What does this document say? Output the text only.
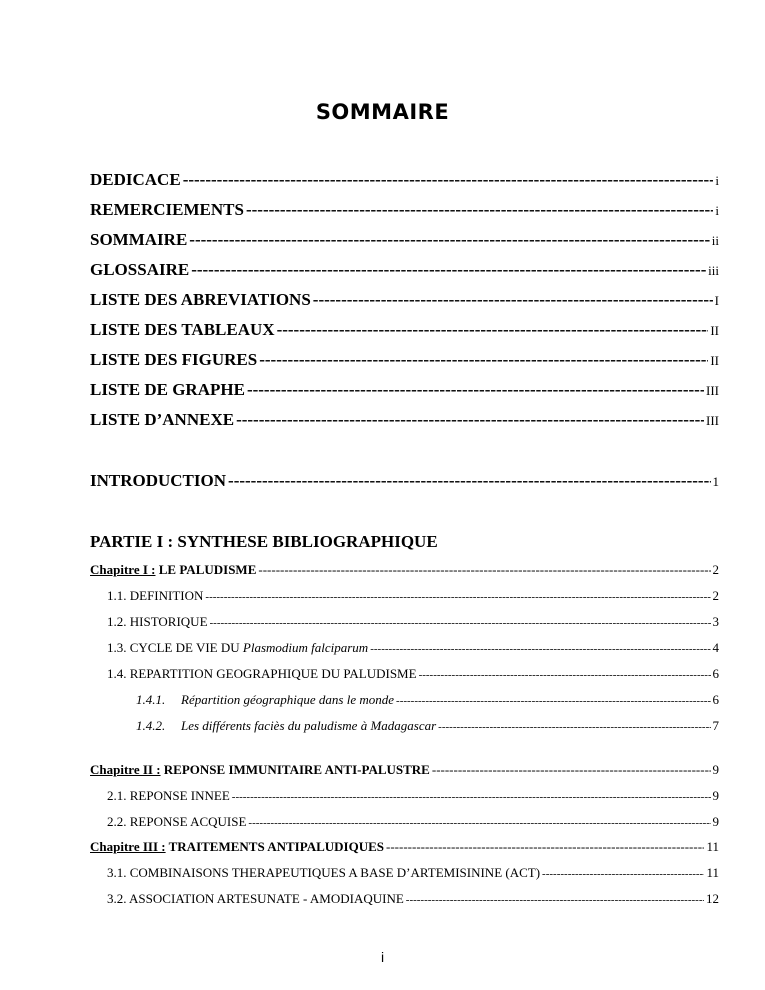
SOMMAIRE
DEDICACE -----	i
REMERCIEMENTS -----	i
SOMMAIRE -----	ii
GLOSSAIRE -----	iii
LISTE DES ABREVIATIONS -----	I
LISTE DES TABLEAUX -----	II
LISTE DES FIGURES -----	II
LISTE DE GRAPHE -----	III
LISTE D’ANNEXE -----	III
INTRODUCTION -----	1
PARTIE I : SYNTHESE BIBLIOGRAPHIQUE
Chapitre I : LE PALUDISME -----	2
1.1. DEFINITION -----	2
1.2. HISTORIQUE -----	3
1.3. CYCLE DE VIE DU Plasmodium falciparum -----	4
1.4. REPARTITION GEOGRAPHIQUE DU PALUDISME -----	6
1.4.1. Répartition géographique dans le monde -----	6
1.4.2. Les différents faciès du paludisme à Madagascar -----	7
Chapitre II : REPONSE IMMUNITAIRE ANTI-PALUSTRE -----	9
2.1. REPONSE INNEE -----	9
2.2. REPONSE ACQUISE -----	9
Chapitre III : TRAITEMENTS ANTIPALUDIQUES -----	11
3.1. COMBINAISONS THERAPEUTIQUES A BASE D’ARTEMISININE (ACT) -----	11
3.2. ASSOCIATION ARTESUNATE - AMODIAQUINE -----	12
i
